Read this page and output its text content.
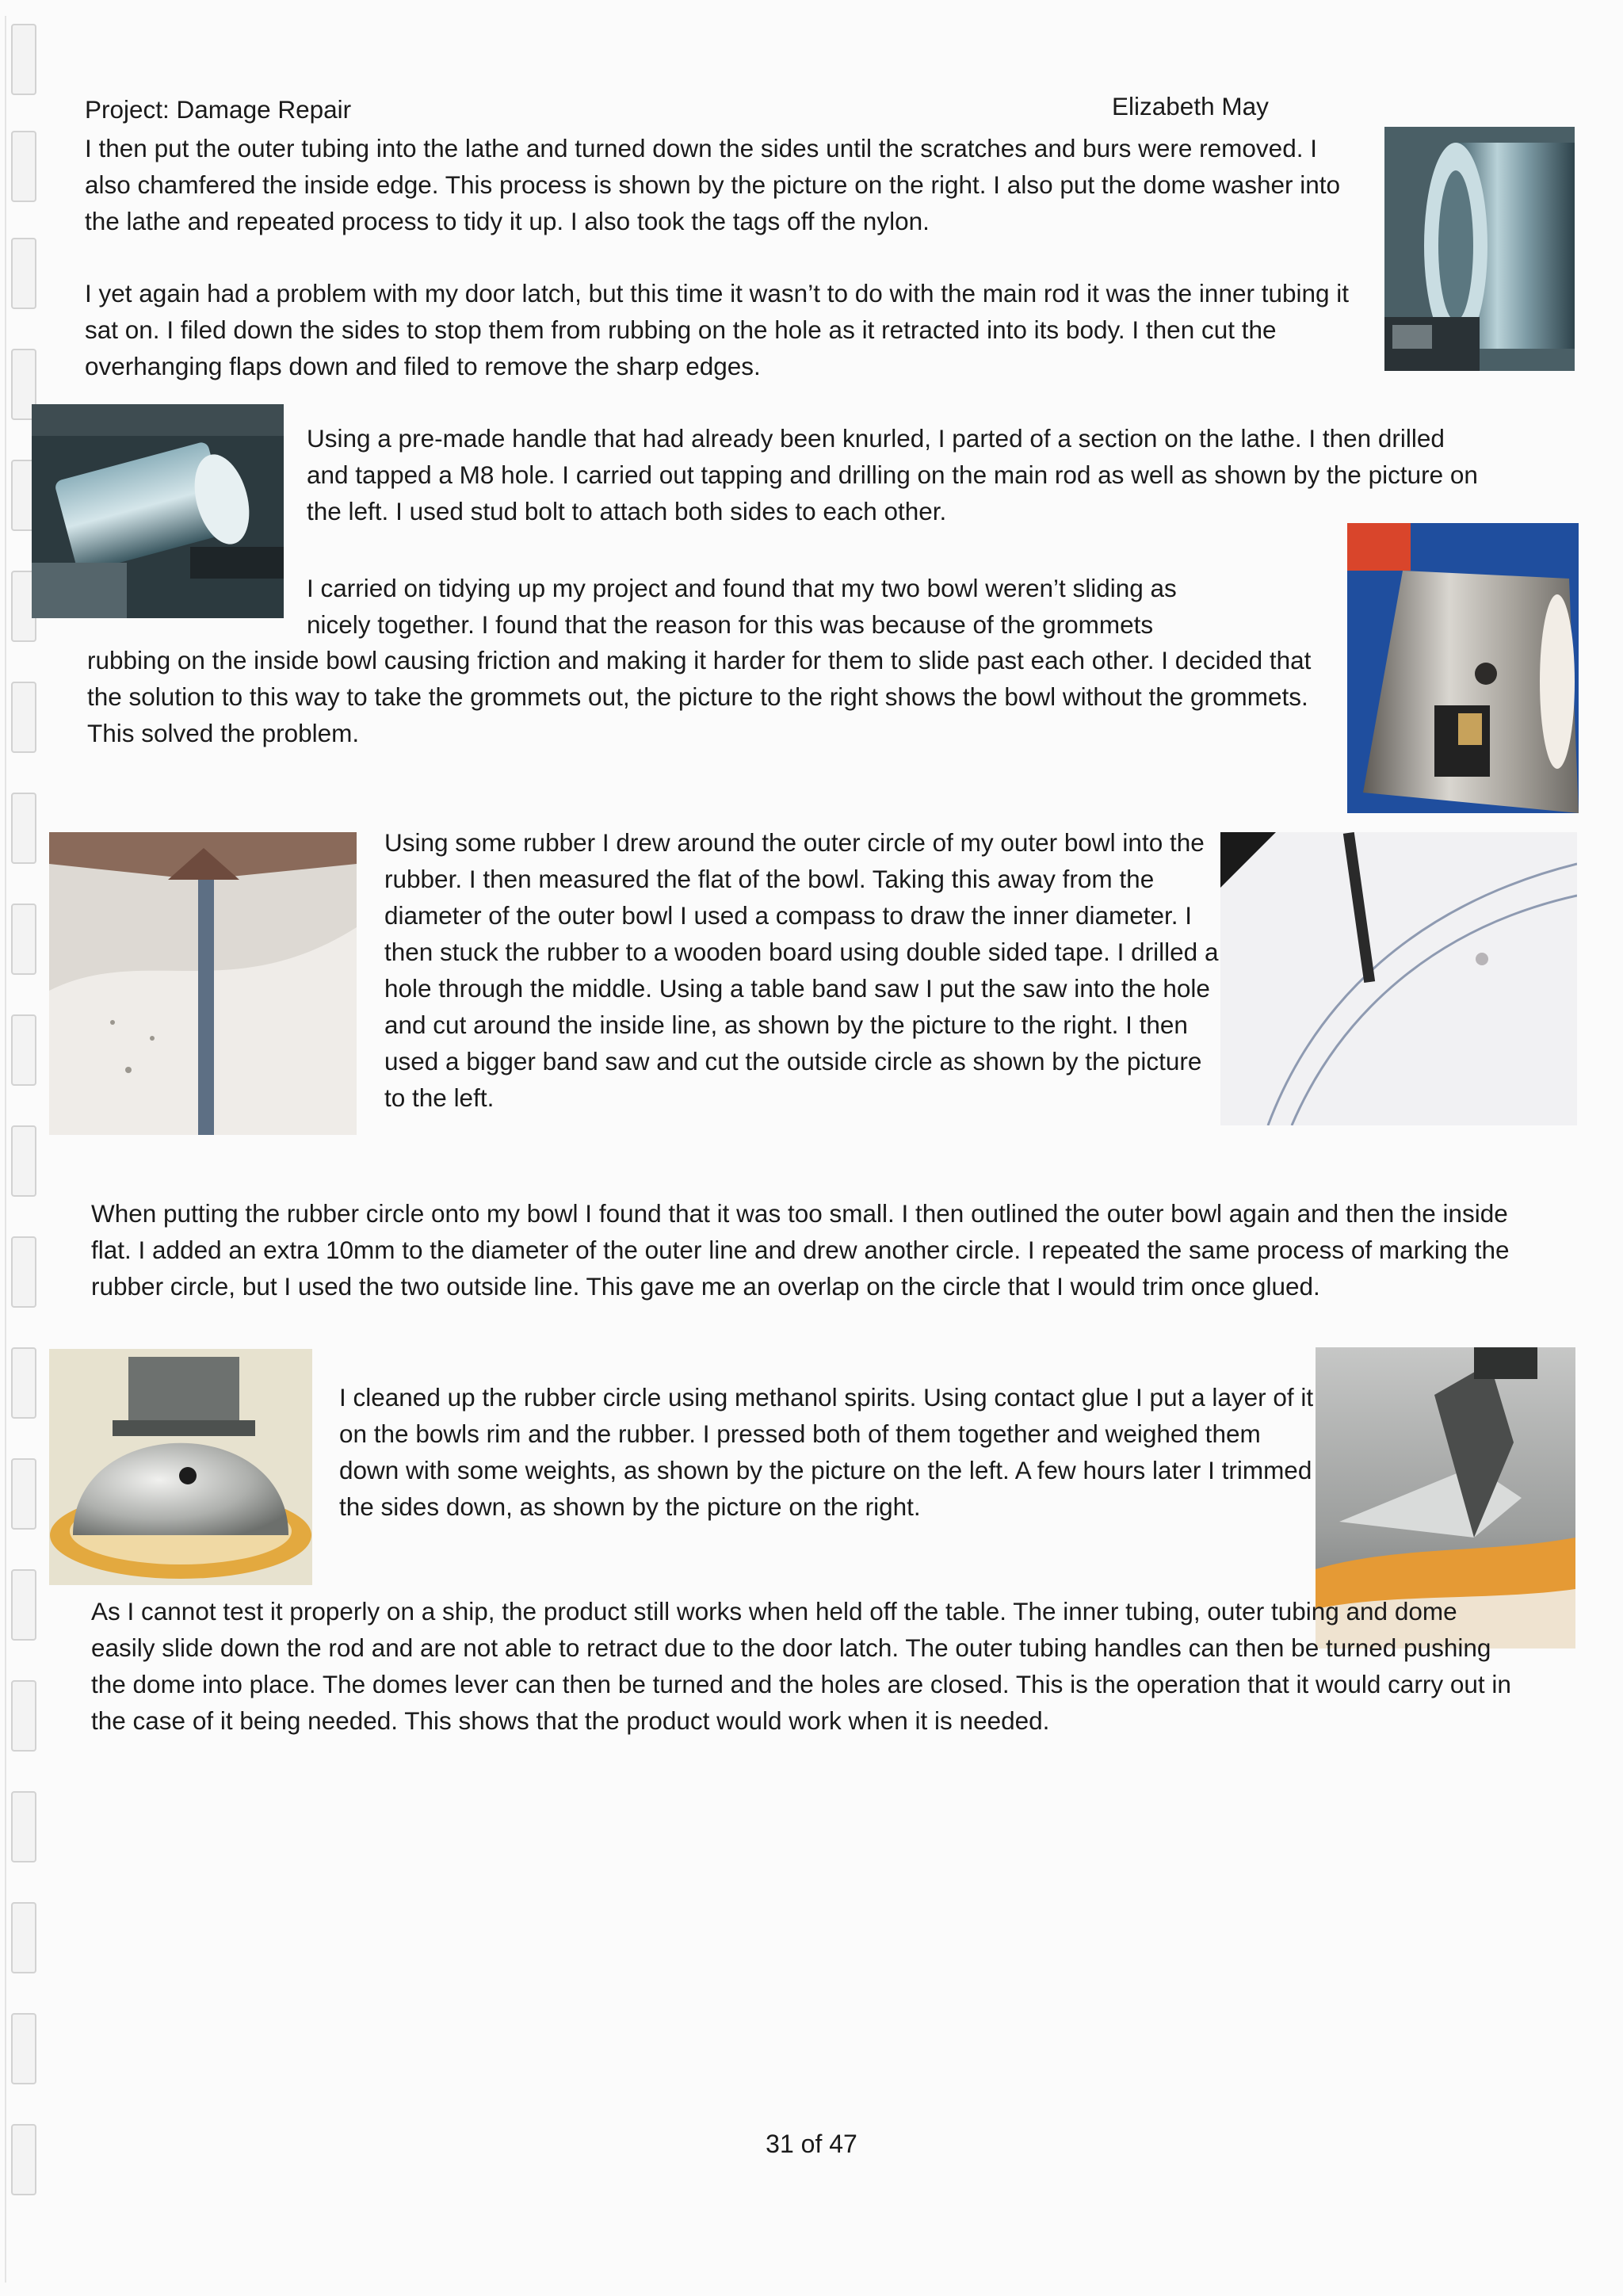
Project: Damage Repair	Elizabeth May

I then put the outer tubing into the lathe and turned down the sides until the scratches and burs were removed. I also chamfered the inside edge. This process is shown by the picture on the right. I also put the dome washer into the lathe and repeated process to tidy it up. I also took the tags off the nylon.

I yet again had a problem with my door latch, but this time it wasn’t to do with the main rod it was the inner tubing it sat on. I filed down the sides to stop them from rubbing on the hole as it retracted into its body. I then cut the overhanging flaps down and filed to remove the sharp edges.

Using a pre-made handle that had already been knurled, I parted of a section on the lathe. I then drilled and tapped a M8 hole. I carried out tapping and drilling on the main rod as well as shown by the picture on the left. I used stud bolt to attach both sides to each other.

I carried on tidying up my project and found that my two bowl weren’t sliding as

nicely together. I found that the reason for this was because of the grommets

rubbing on the inside bowl causing friction and making it harder for them to slide past each other. I decided that the solution to this way to take the grommets out, the picture to the right shows the bowl without the grommets. This solved the problem.

Using some rubber I drew around the outer circle of my outer bowl into the rubber. I then measured the flat of the bowl. Taking this away from the diameter of the outer bowl I used a compass to draw the inner diameter. I then stuck the rubber to a wooden board using double sided tape. I drilled a hole through the middle. Using a table band saw I put the saw into the hole and cut around the inside line, as shown by the picture to the right. I then used a bigger band saw and cut the outside circle as shown by the picture to the left.

When putting the rubber circle onto my bowl I found that it was too small. I then outlined the outer bowl again and then the inside flat. I added an extra 10mm to the diameter of the outer line and drew another circle. I repeated the same process of marking the rubber circle, but I used the two outside line. This gave me an overlap on the circle that I would trim once glued.

I cleaned up the rubber circle using methanol spirits. Using contact glue I put a layer of it on the bowls rim and the rubber. I pressed both of them together and weighed them down with some weights, as shown by the picture on the left. A few hours later I trimmed the sides down, as shown by the picture on the right.

As I cannot test it properly on a ship, the product still works when held off the table. The inner tubing, outer tubing and dome easily slide down the rod and are not able to retract due to the door latch. The outer tubing handles can then be turned pushing the dome into place. The domes lever can then be turned and the holes are closed. This is the operation that it would carry out in the case of it being needed. This shows that the product would work when it is needed.

31 of 47
